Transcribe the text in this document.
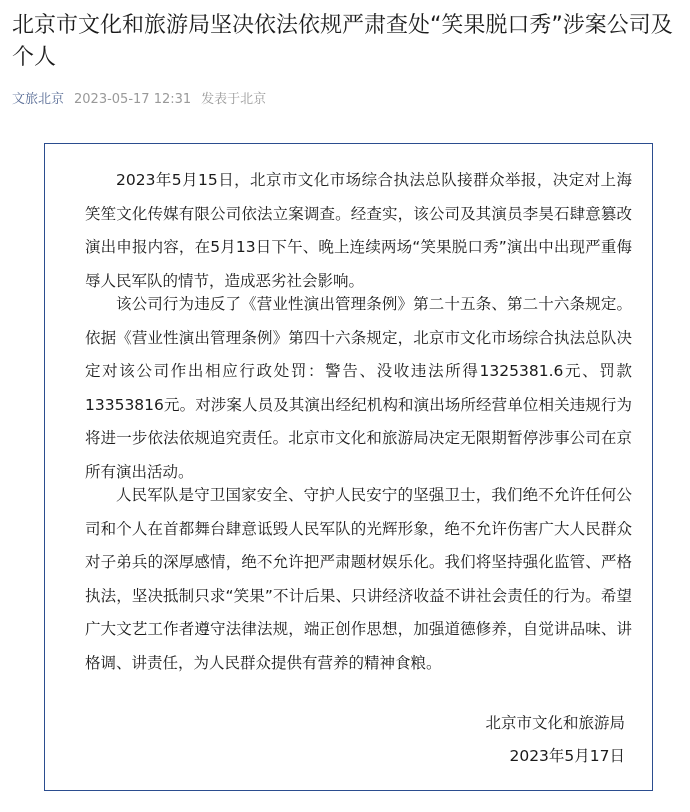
北京市文化和旅游局坚决依法依规严肃查处“笑果脱口秀”涉案公司及个人
文旅北京 2023-05-17 12:31 发表于北京

2023年5月15日，北京市文化市场综合执法总队接群众举报，决定对上海笑笙文化传媒有限公司依法立案调查。经查实，该公司及其演员李昊石肆意篡改演出申报内容，在5月13日下午、晚上连续两场“笑果脱口秀”演出中出现严重侮辱人民军队的情节，造成恶劣社会影响。

该公司行为违反了《营业性演出管理条例》第二十五条、第二十六条规定。依据《营业性演出管理条例》第四十六条规定，北京市文化市场综合执法总队决定对该公司作出相应行政处罚：警告、没收违法所得1325381.6元、罚款13353816元。对涉案人员及其演出经纪机构和演出场所经营单位相关违规行为将进一步依法依规追究责任。北京市文化和旅游局决定无限期暂停涉事公司在京所有演出活动。

人民军队是守卫国家安全、守护人民安宁的坚强卫士，我们绝不允许任何公司和个人在首都舞台肆意诋毁人民军队的光辉形象，绝不允许伤害广大人民群众对子弟兵的深厚感情，绝不允许把严肃题材娱乐化。我们将坚持强化监管、严格执法，坚决抵制只求“笑果”不计后果、只讲经济收益不讲社会责任的行为。希望广大文艺工作者遵守法律法规，端正创作思想，加强道德修养，自觉讲品味、讲格调、讲责任，为人民群众提供有营养的精神食粮。

北京市文化和旅游局
2023年5月17日
